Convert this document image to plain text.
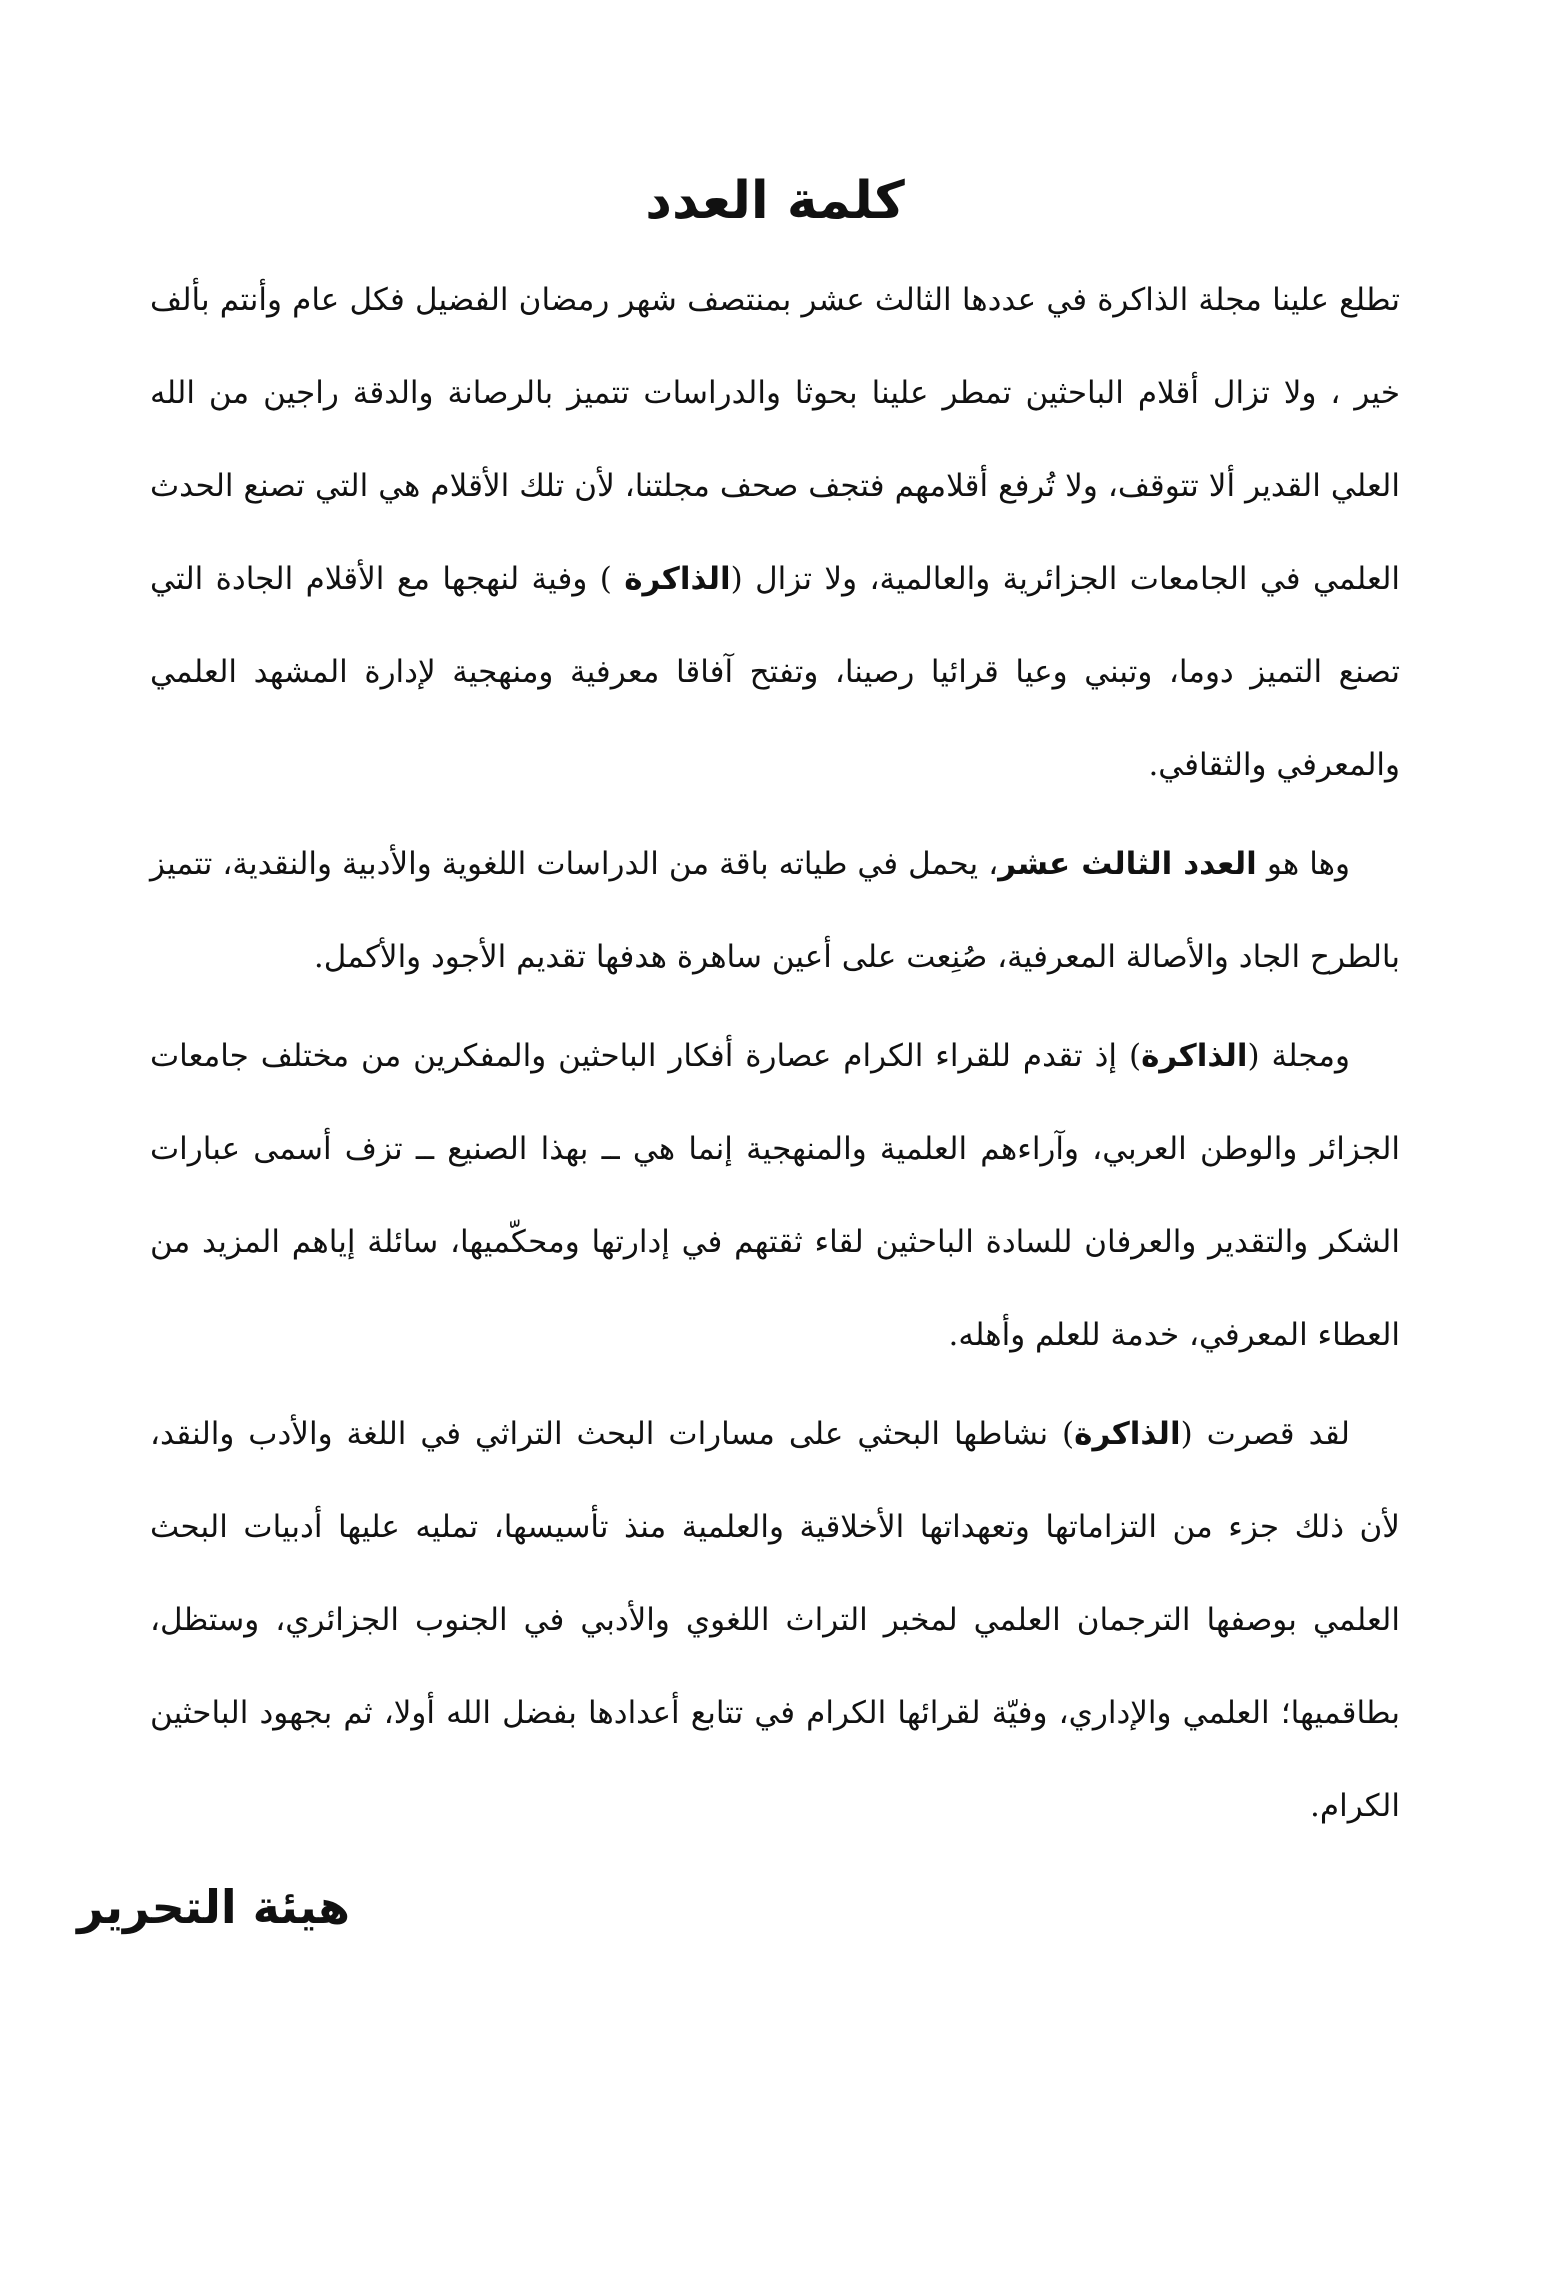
كلمة العدد

تطلع علينا مجلة الذاكرة في عددها الثالث عشر بمنتصف شهر رمضان الفضيل فكل عام وأنتم بألف خير ، ولا تزال أقلام الباحثين تمطر علينا بحوثا والدراسات تتميز بالرصانة والدقة راجين من الله العلي القدير ألا تتوقف، ولا تُرفع أقلامهم فتجف صحف مجلتنا، لأن تلك الأقلام هي التي تصنع الحدث العلمي في الجامعات الجزائرية والعالمية، ولا تزال (الذاكرة ) وفية لنهجها مع الأقلام الجادة التي تصنع التميز دوما، وتبني وعيا قرائيا رصينا، وتفتح آفاقا معرفية ومنهجية لإدارة المشهد العلمي والمعرفي والثقافي.

وها هو العدد الثالث عشر، يحمل في طياته باقة من الدراسات اللغوية والأدبية والنقدية، تتميز بالطرح الجاد والأصالة المعرفية، صُنِعت على أعين ساهرة هدفها تقديم الأجود والأكمل.

ومجلة (الذاكرة) إذ تقدم للقراء الكرام عصارة أفكار الباحثين والمفكرين من مختلف جامعات الجزائر والوطن العربي، وآراءهم العلمية والمنهجية إنما هي ــ بهذا الصنيع ــ تزف أسمى عبارات الشكر والتقدير والعرفان للسادة الباحثين لقاء ثقتهم في إدارتها ومحكّميها، سائلة إياهم المزيد من العطاء المعرفي، خدمة للعلم وأهله.

لقد قصرت (الذاكرة) نشاطها البحثي على مسارات البحث التراثي في اللغة والأدب والنقد، لأن ذلك جزء من التزاماتها وتعهداتها الأخلاقية والعلمية منذ تأسيسها، تمليه عليها أدبيات البحث العلمي بوصفها الترجمان العلمي لمخبر التراث اللغوي والأدبي في الجنوب الجزائري، وستظل، بطاقميها؛ العلمي والإداري، وفيّة لقرائها الكرام في تتابع أعدادها بفضل الله أولا، ثم بجهود الباحثين الكرام.

هيئة التحرير
